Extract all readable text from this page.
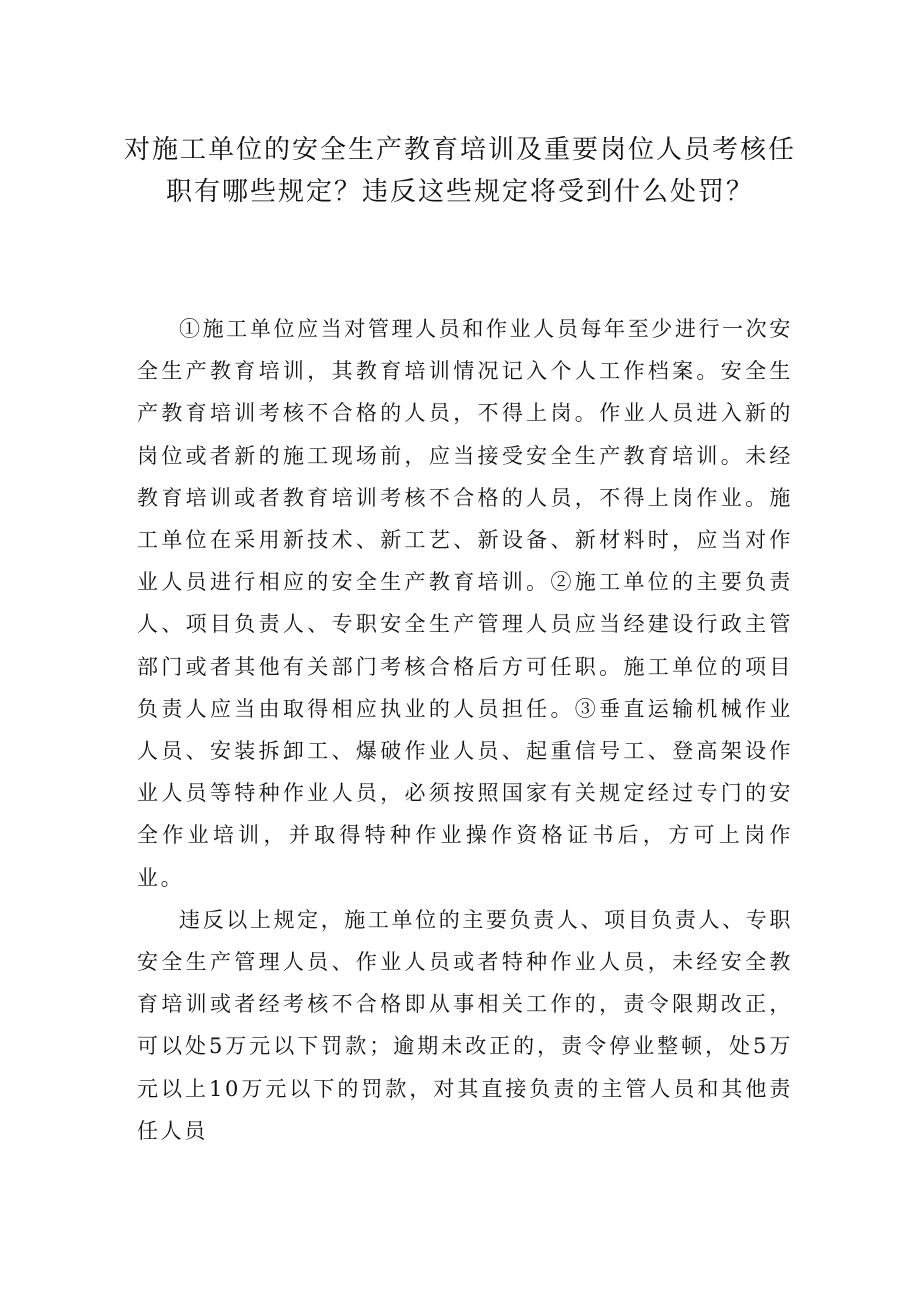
对施工单位的安全生产教育培训及重要岗位人员考核任职有哪些规定？违反这些规定将受到什么处罚？

①施工单位应当对管理人员和作业人员每年至少进行一次安全生产教育培训，其教育培训情况记入个人工作档案。安全生产教育培训考核不合格的人员，不得上岗。作业人员进入新的岗位或者新的施工现场前，应当接受安全生产教育培训。未经教育培训或者教育培训考核不合格的人员，不得上岗作业。施工单位在采用新技术、新工艺、新设备、新材料时，应当对作业人员进行相应的安全生产教育培训。②施工单位的主要负责人、项目负责人、专职安全生产管理人员应当经建设行政主管部门或者其他有关部门考核合格后方可任职。施工单位的项目负责人应当由取得相应执业的人员担任。③垂直运输机械作业人员、安装拆卸工、爆破作业人员、起重信号工、登高架设作业人员等特种作业人员，必须按照国家有关规定经过专门的安全作业培训，并取得特种作业操作资格证书后，方可上岗作业。

违反以上规定，施工单位的主要负责人、项目负责人、专职安全生产管理人员、作业人员或者特种作业人员，未经安全教育培训或者经考核不合格即从事相关工作的，责令限期改正，可以处5万元以下罚款；逾期未改正的，责令停业整顿，处5万元以上10万元以下的罚款，对其直接负责的主管人员和其他责任人员
